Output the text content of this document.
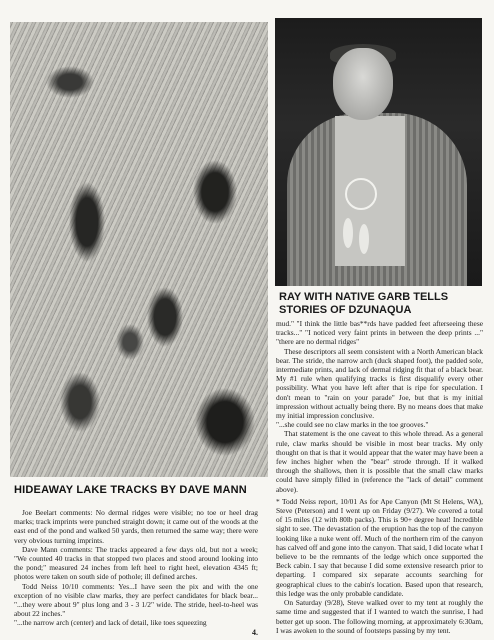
HIDEAWAY LAKE TRACKS BY DAVE MANN
RAY WITH NATIVE GARB TELLS STORIES OF DZUNAQUA

mud." "I think the little bas**rds have padded feet afterseeing these tracks..." "I noticed very faint prints in between the deep prints ..." "there are no dermal ridges"

These descriptors all seem consistent with a North American black bear. The stride, the narrow arch (duck shaped foot), the padded sole, intermediate prints, and lack of dermal ridging fit that of a black bear. My #1 rule when qualifying tracks is first disqualify every other possibility. What you have left after that is ripe for speculation. I don't mean to "rain on your parade" Joe, but that is my initial impression without actually being there. By no means does that make my initial impression conclusive.

"...she could see no claw marks in the toe grooves."

That statement is the one caveat to this whole thread. As a general rule, claw marks should be visible in most bear tracks. My only thought on that is that it would appear that the water may have been a few inches higher when the "bear" strode through. If it walked through the shallows, then it is possible that the small claw marks could have simply filled in (reference the "lack of detail" comment above).

* Todd Neiss report, 10/01 As for Ape Canyon (Mt St Helens, WA), Steve (Peterson) and I went up on Friday (9/27). We covered a total of 15 miles (12 with 80lb packs). This is 90+ degree heat! Incredible sight to see. The devastation of the eruption has the top of the canyon looking like a nuke went off. Much of the northern rim of the canyon has calved off and gone into the canyon. That said, I did locate what I believe to be the remnants of the ledge which once supported the Beck cabin. I say that because I did some extensive research prior to departing. I compared six separate accounts searching for geographical clues to the cabin's location. Based upon that research, this ledge was the only probable candidate.

On Saturday (9/28), Steve walked over to my tent at roughly the same time and suggested that if I wanted to watch the sunrise, I had better get up soon. The following morning, at approximately 6:30am, I was awoken to the sound of footsteps passing by my tent.

Joe Beelart comments: No dermal ridges were visible; no toe or heel drag marks; track imprints were punched straight down; it came out of the woods at the east end of the pond and walked 50 yards, then returned the same way; there were very obvious turning imprints.

Dave Mann comments: The tracks appeared a few days old, but not a week; "We counted 40 tracks in that stopped two places and stood around looking into the pond;" measured 24 inches from left heel to right heel, elevation 4345 ft; photos were taken on south side of pothole; ill defined arches.

Todd Neiss 10/10 comments: Yes...I have seen the pix and with the one exception of no visible claw marks, they are perfect candidates for black bear... "...they were about 9" plus long and 3 - 3 1/2" wide. The stride, heel-to-heel was about 22 inches."

"...the narrow arch (center) and lack of detail, like toes squeezing

4.
